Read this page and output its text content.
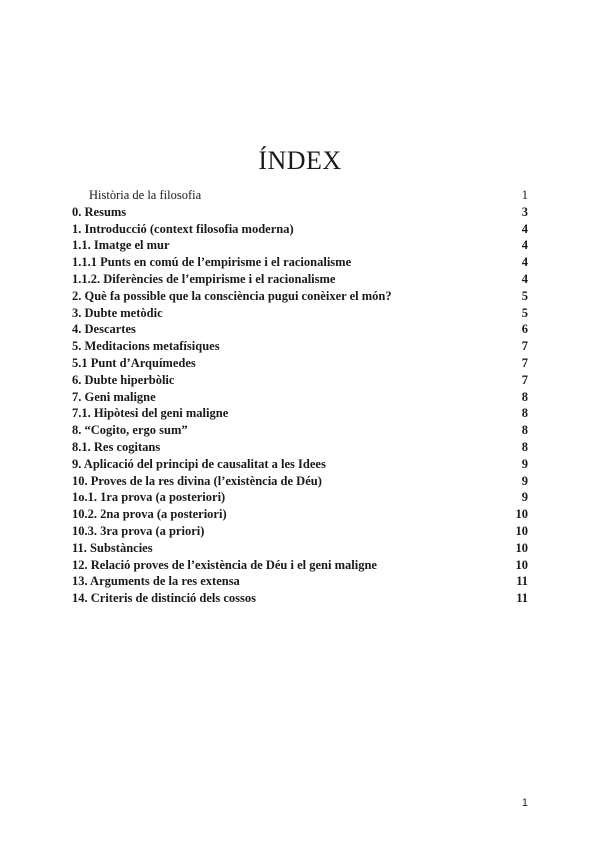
ÍNDEX
Història de la filosofia	1
0. Resums	3
1. Introducció (context filosofia moderna)	4
1.1. Imatge el mur	4
1.1.1 Punts en comú de l’empirisme i el racionalisme	4
1.1.2. Diferències de l’empirisme i el racionalisme	4
2. Què fa possible que la consciència pugui conèixer el món?	5
3. Dubte metòdic	5
4. Descartes	6
5. Meditacions metafísiques	7
5.1 Punt d’Arquímedes	7
6. Dubte hiperbòlic	7
7. Geni maligne	8
7.1. Hipòtesi del geni maligne	8
8. “Cogito, ergo sum”	8
8.1. Res cogitans	8
9. Aplicació del principi de causalitat a les Idees	9
10. Proves de la res divina (l’existència de Déu)	9
1o.1. 1ra prova (a posteriori)	9
10.2. 2na prova (a posteriori)	10
10.3. 3ra prova (a priori)	10
11. Substàncies	10
12. Relació proves de l’existència de Déu i el geni maligne	10
13. Arguments de la res extensa	11
14. Criteris de distinció dels cossos	11
1
